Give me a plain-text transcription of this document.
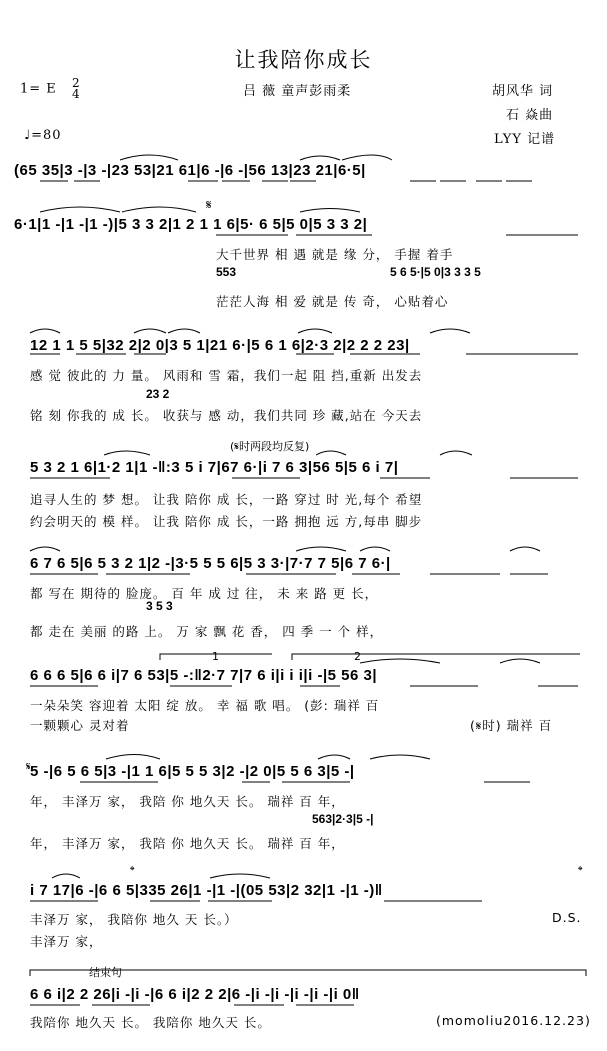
让我陪你成长
1= E 2
4	吕 薇 童声彭雨柔	胡风华 词
石 焱曲
♩=80	LYY 记谱
(65 35|3 -|3 -|23 53|21 61|6 -|6 -|56 13|23 21|6·5|
𝄋
6·1|1 -|1 -|1 -)|5 3 3 2|1 2 1 1 6|5· 6 5|5 0|5 3 3 2|
大千世界 相 遇 就是 缘 分， 手握 着手
553	5 6 5·|5 0|3 3 3 5
茫茫人海 相 爱 就是 传 奇， 心贴着心
12 1 1 5 5|32 2|2 0|3 5 1|21 6·|5 6 1 6|2·3 2|2 2 2 23|
23 2
感 觉 彼此的 力 量。 风雨和 雪 霜，我们一起 阻 挡,重新 出发去
铭 刻 你我的 成 长。 收获与 感 动，我们共同 珍 藏,站在 今天去
(𝄋时两段均反复)
5 3 2 1 6|1·2 1|1 -‖:3 5 i 7|67 6·|i 7 6 3|56 5|5 6 i 7|
追寻人生的 梦 想。 让我 陪你 成 长，一路 穿过 时 光,每个 希望
约会明天的 模 样。 让我 陪你 成 长，一路 拥抱 远 方,每串 脚步
6 7 6 5|6 5 3 2 1|2 -|3·5 5 5 6|5 3 3·|7·7 7 5|6 7 6·|
都 写在 期待的 脸庞。 百 年 成 过 往， 未 来 路 更 长，
3 5 3
都 走在 美丽 的路 上。 万 家 飘 花 香， 四 季 一 个 样，
1	2
6 6 6 5|6 6 i|7 6 53|5 -:‖2·7 7|7 6 i|i i i|i -|5 56 3|
一朵朵笑 容迎着 太阳 绽 放。 幸 福 歌 唱。 (彭: 瑞祥 百
一颗颗心 灵对着	(𝄋时) 瑞祥 百
𝄋 5 -|6 5 6 5|3 -|1 1 6|5 5 5 3|2 -|2 0|5 5 6 3|5 -|
年， 丰泽万 家， 我陪 你 地久天 长。 瑞祥 百 年，
563|2·3|5 -|
年， 丰泽万 家， 我陪 你 地久天 长。 瑞祥 百 年，
𝄌	𝄌
i 7 17|6 -|6 6 5|335 26|1 -|1 -|(05 53|2 32|1 -|1 -)‖
丰泽万 家， 我陪你 地久 天 长。）	D.S.
丰泽万 家，
结束句
6 6 i|2 2 26|i -|i -|6 6 i|2 2 2|6 -|i -|i -|i -|i -|i 0‖
我陪你 地久天 长。 我陪你 地久天 长。	(momoliu2016.12.23)
